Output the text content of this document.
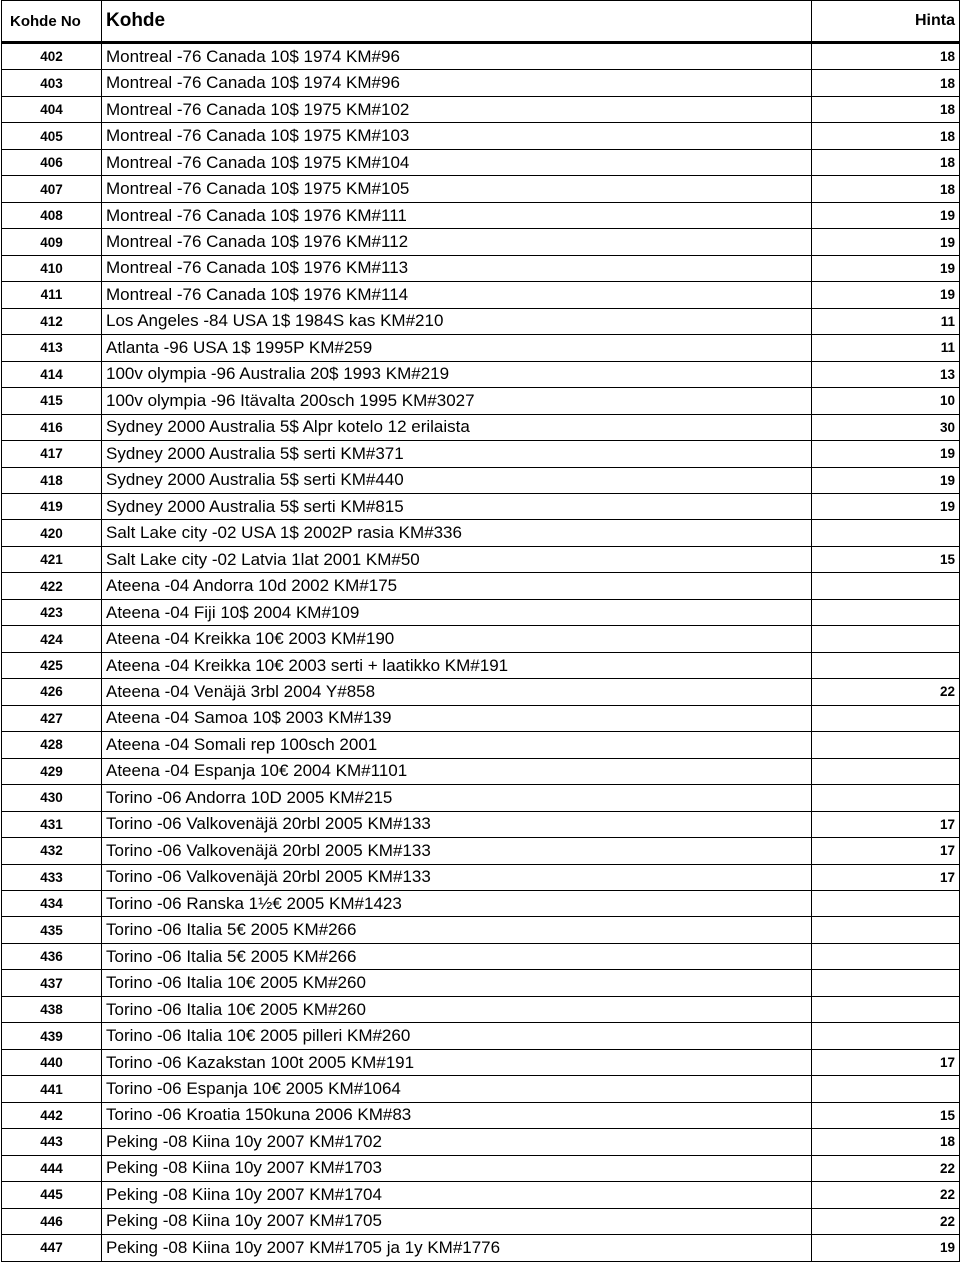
Kohde No	Kohde	Hinta
402	Montreal -76 Canada 10$ 1974 KM#96	18
403	Montreal -76 Canada 10$ 1974 KM#96	18
404	Montreal -76 Canada 10$ 1975 KM#102	18
405	Montreal -76 Canada 10$ 1975 KM#103	18
406	Montreal -76 Canada 10$ 1975 KM#104	18
407	Montreal -76 Canada 10$ 1975 KM#105	18
408	Montreal -76 Canada 10$ 1976 KM#111	19
409	Montreal -76 Canada 10$ 1976 KM#112	19
410	Montreal -76 Canada 10$ 1976 KM#113	19
411	Montreal -76 Canada 10$ 1976 KM#114	19
412	Los Angeles -84 USA 1$ 1984S kas KM#210	11
413	Atlanta -96 USA 1$ 1995P KM#259	11
414	100v olympia -96 Australia 20$ 1993 KM#219	13
415	100v olympia -96 Itävalta 200sch 1995 KM#3027	10
416	Sydney 2000 Australia 5$ Alpr kotelo 12 erilaista	30
417	Sydney 2000 Australia 5$ serti KM#371	19
418	Sydney 2000 Australia 5$ serti KM#440	19
419	Sydney 2000 Australia 5$ serti KM#815	19
420	Salt Lake city -02 USA 1$ 2002P rasia KM#336	
421	Salt Lake city -02 Latvia 1lat 2001 KM#50	15
422	Ateena -04 Andorra 10d 2002 KM#175	
423	Ateena -04 Fiji 10$ 2004 KM#109	
424	Ateena -04 Kreikka 10€ 2003 KM#190	
425	Ateena -04 Kreikka 10€ 2003 serti + laatikko KM#191	
426	Ateena -04 Venäjä 3rbl 2004 Y#858	22
427	Ateena -04 Samoa 10$ 2003 KM#139	
428	Ateena -04 Somali rep 100sch 2001	
429	Ateena -04 Espanja 10€ 2004 KM#1101	
430	Torino -06 Andorra 10D 2005 KM#215	
431	Torino -06 Valkovenäjä 20rbl 2005 KM#133	17
432	Torino -06 Valkovenäjä 20rbl 2005 KM#133	17
433	Torino -06 Valkovenäjä 20rbl 2005 KM#133	17
434	Torino -06 Ranska 1½€ 2005 KM#1423	
435	Torino -06 Italia 5€ 2005 KM#266	
436	Torino -06 Italia 5€ 2005 KM#266	
437	Torino -06 Italia 10€ 2005 KM#260	
438	Torino -06 Italia 10€ 2005 KM#260	
439	Torino -06 Italia 10€ 2005 pilleri KM#260	
440	Torino -06 Kazakstan 100t 2005 KM#191	17
441	Torino -06 Espanja 10€ 2005 KM#1064	
442	Torino -06 Kroatia 150kuna 2006 KM#83	15
443	Peking -08 Kiina 10y 2007 KM#1702	18
444	Peking -08 Kiina 10y 2007 KM#1703	22
445	Peking -08 Kiina 10y 2007 KM#1704	22
446	Peking -08 Kiina 10y 2007 KM#1705	22
447	Peking -08 Kiina 10y 2007 KM#1705 ja 1y KM#1776	19
